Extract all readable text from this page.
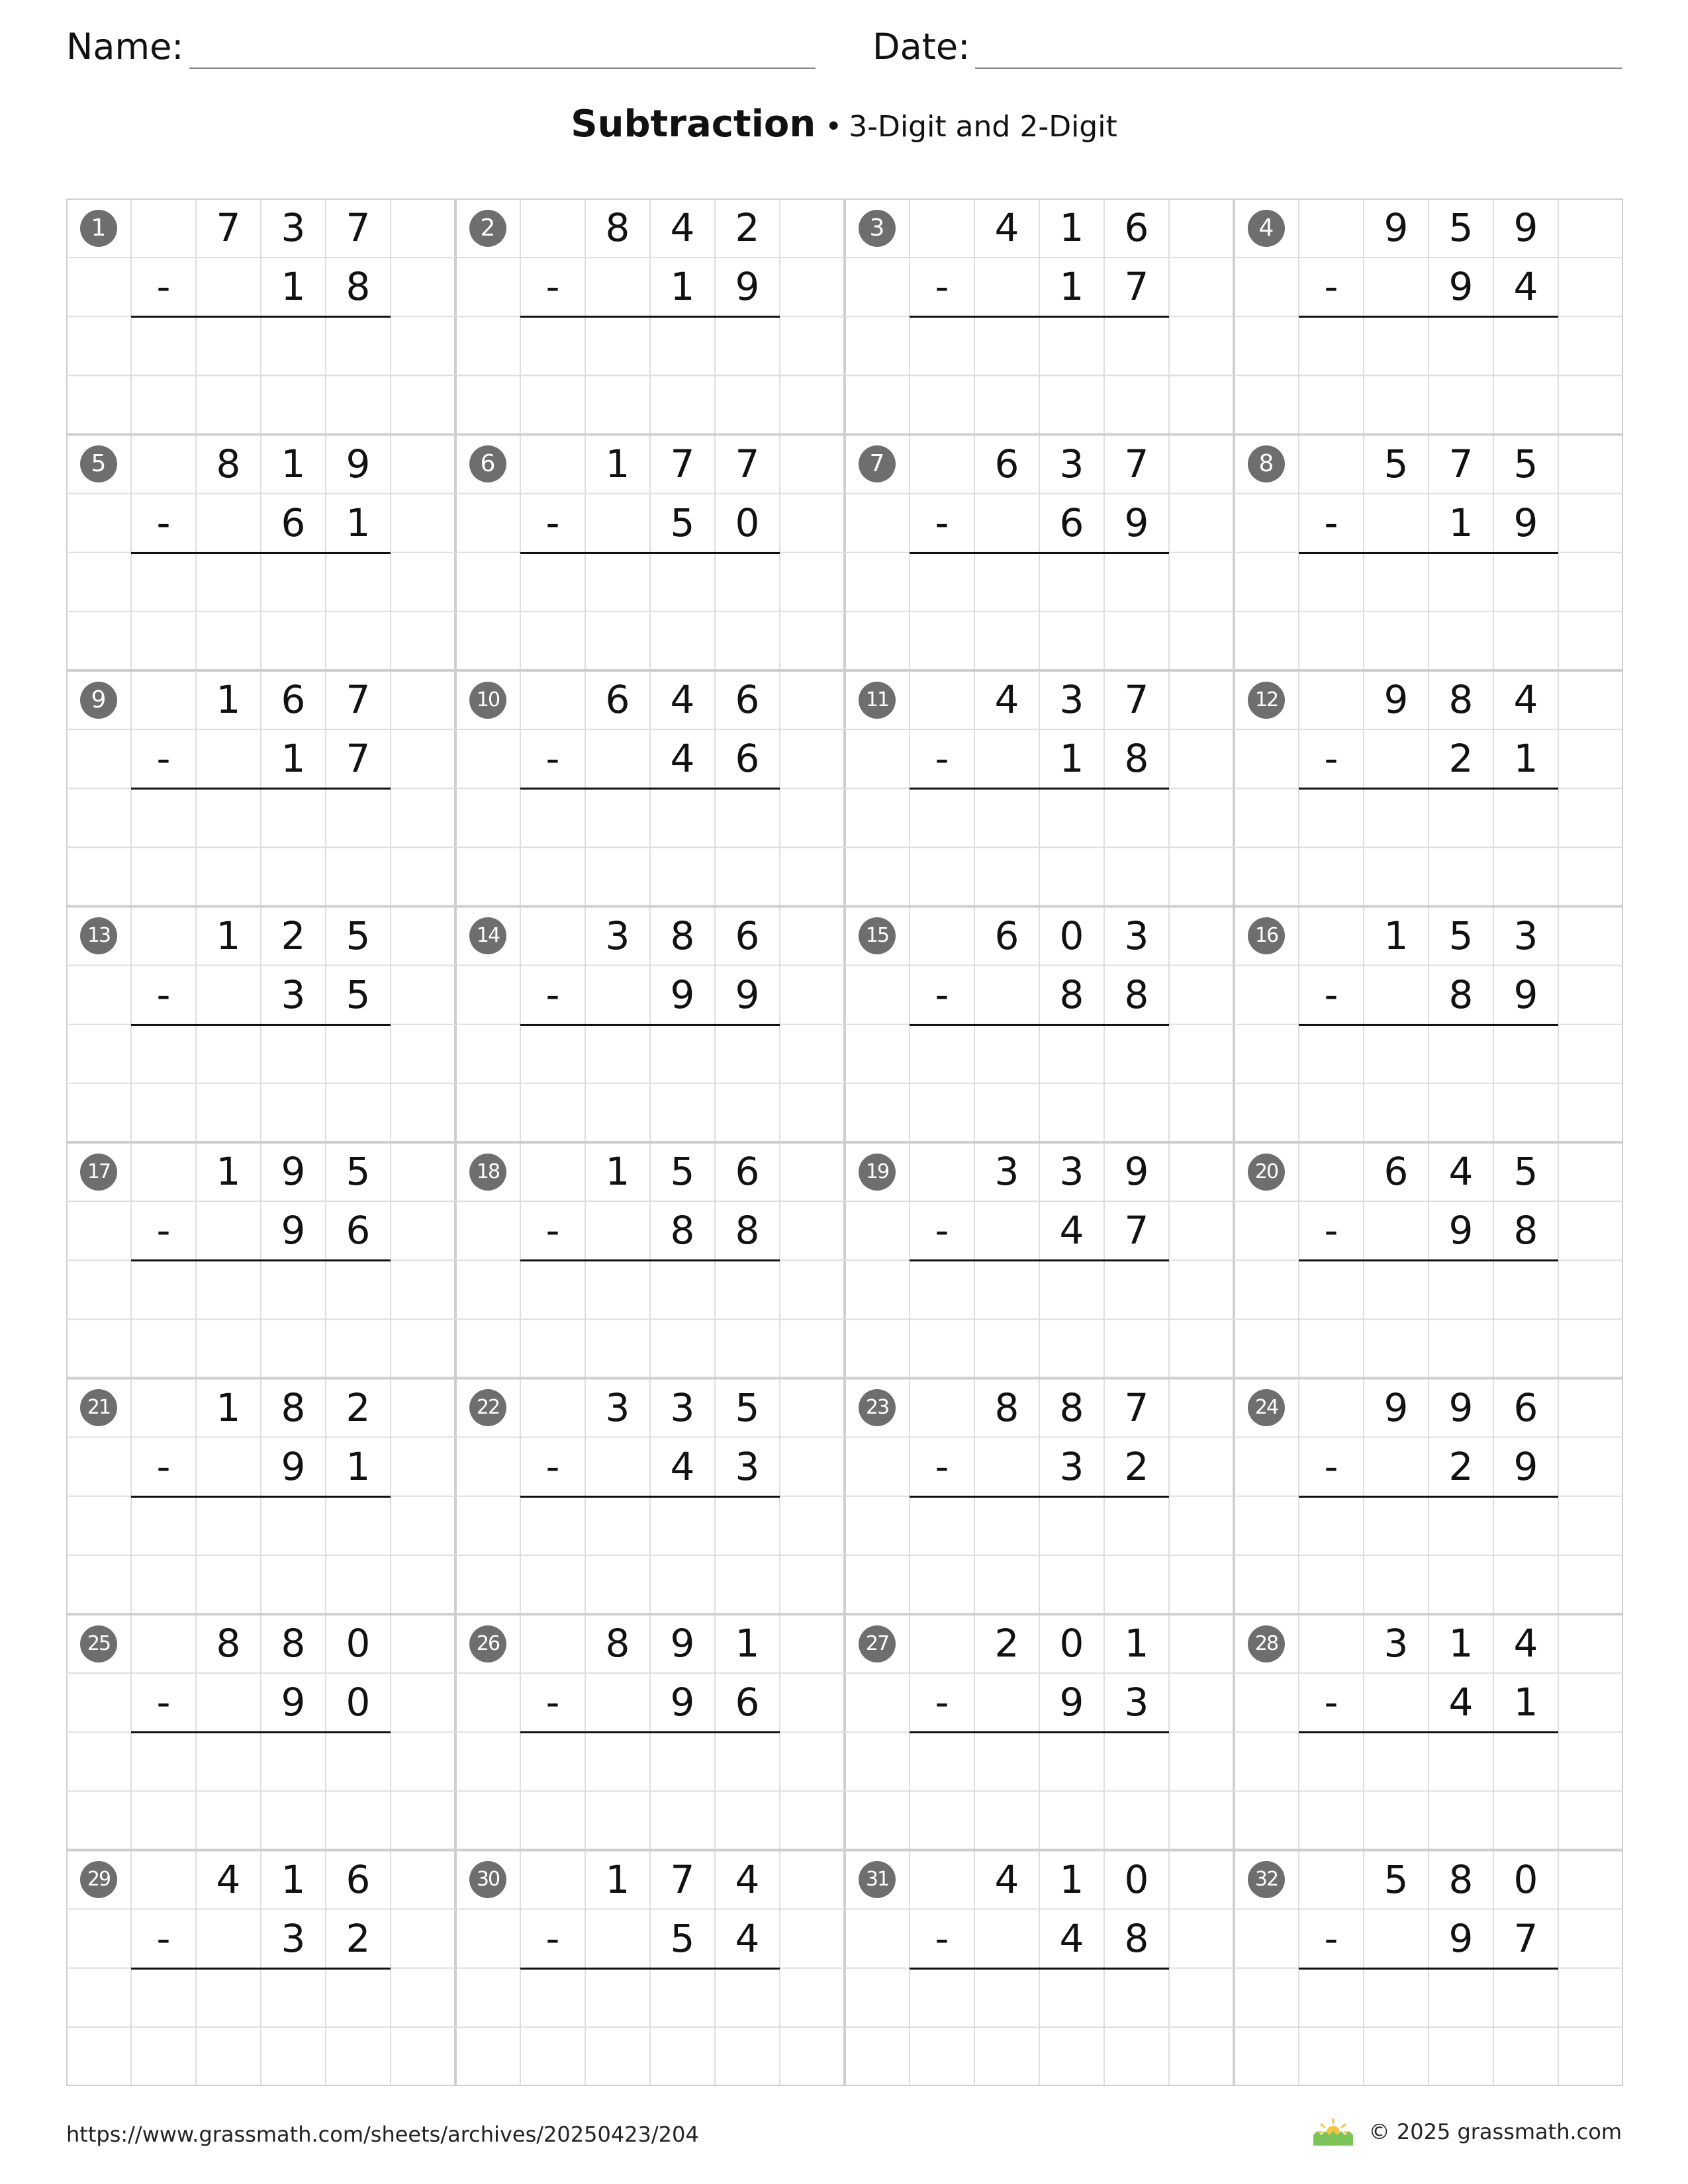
Name:	Date:
Subtraction • 3-Digit and 2-Digit
1	7	3	7
-	1	8
2	8	4	2
-	1	9
3	4	1	6
-	1	7
4	9	5	9
-	9	4
5	8	1	9
-	6	1
6	1	7	7
-	5	0
7	6	3	7
-	6	9
8	5	7	5
-	1	9
9	1	6	7
-	1	7
10	6	4	6
-	4	6
11	4	3	7
-	1	8
12	9	8	4
-	2	1
13	1	2	5
-	3	5
14	3	8	6
-	9	9
15	6	0	3
-	8	8
16	1	5	3
-	8	9
17	1	9	5
-	9	6
18	1	5	6
-	8	8
19	3	3	9
-	4	7
20	6	4	5
-	9	8
21	1	8	2
-	9	1
22	3	3	5
-	4	3
23	8	8	7
-	3	2
24	9	9	6
-	2	9
25	8	8	0
-	9	0
26	8	9	1
-	9	6
27	2	0	1
-	9	3
28	3	1	4
-	4	1
29	4	1	6
-	3	2
30	1	7	4
-	5	4
31	4	1	0
-	4	8
32	5	8	0
-	9	7
https://www.grassmath.com/sheets/archives/20250423/204	© 2025 grassmath.com
